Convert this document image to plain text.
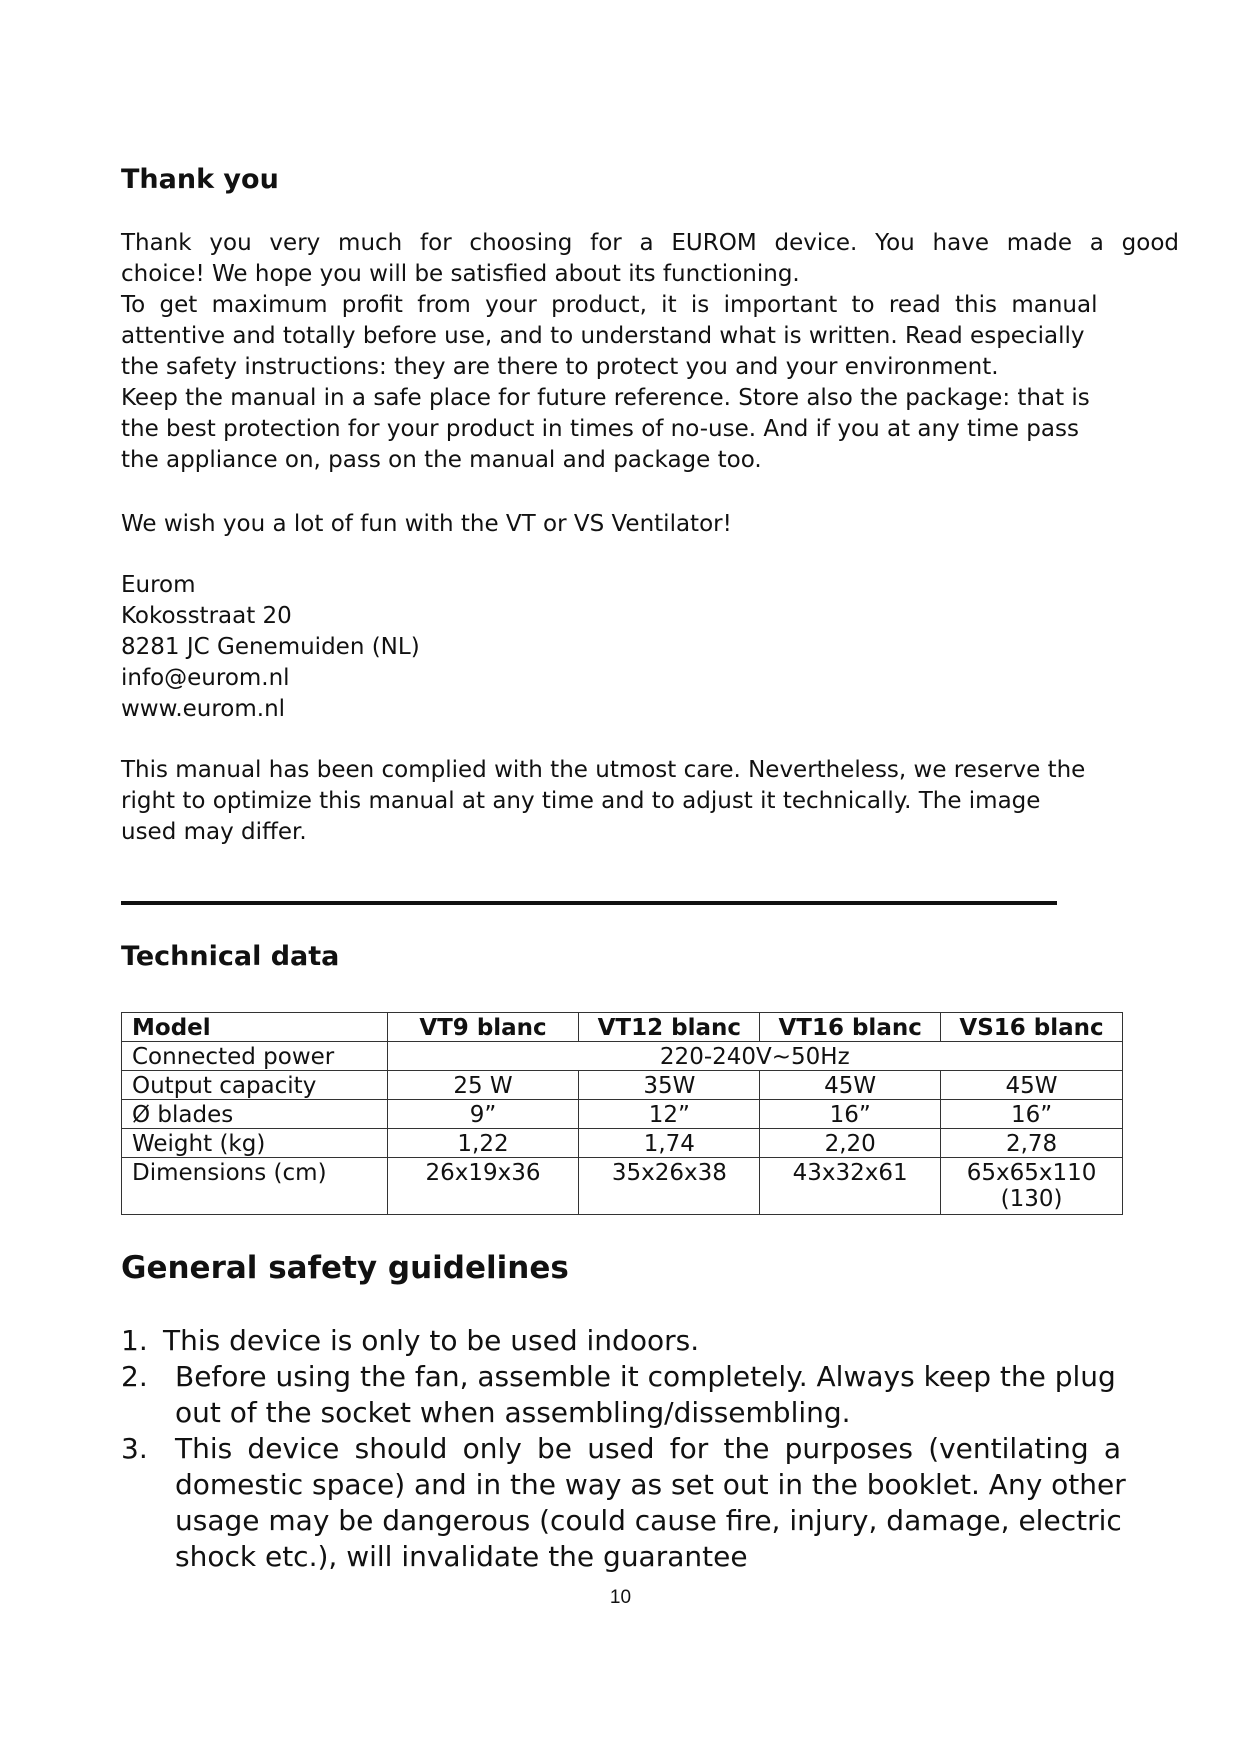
Thank you

Thank you very much for choosing for a EUROM device. You have made a good
choice! We hope you will be satisfied about its functioning.
To get maximum profit from your product, it is important to read this manual
attentive and totally before use, and to understand what is written. Read especially
the safety instructions: they are there to protect you and your environment.
Keep the manual in a safe place for future reference. Store also the package: that is
the best protection for your product in times of no-use. And if you at any time pass
the appliance on, pass on the manual and package too.

We wish you a lot of fun with the VT or VS Ventilator!

Eurom
Kokosstraat 20
8281 JC Genemuiden (NL)
info@eurom.nl
www.eurom.nl

This manual has been complied with the utmost care. Nevertheless, we reserve the
right to optimize this manual at any time and to adjust it technically. The image
used may differ.

Technical data
Model	VT9 blanc	VT12 blanc	VT16 blanc	VS16 blanc
Connected power	220-240V~50Hz			
Output capacity	25 W	35W	45W	45W
Ø blades	9”	12”	16”	16”
Weight (kg)	1,22	1,74	2,20	2,78
Dimensions (cm)	26x19x36	35x26x38	43x32x61	65x65x110
(130)
General safety guidelines
1. This device is only to be used indoors.
2. Before using the fan, assemble it completely. Always keep the plug
out of the socket when assembling/dissembling.
3. This device should only be used for the purposes (ventilating a
domestic space) and in the way as set out in the booklet. Any other
usage may be dangerous (could cause fire, injury, damage, electric
shock etc.), will invalidate the guarantee
10
